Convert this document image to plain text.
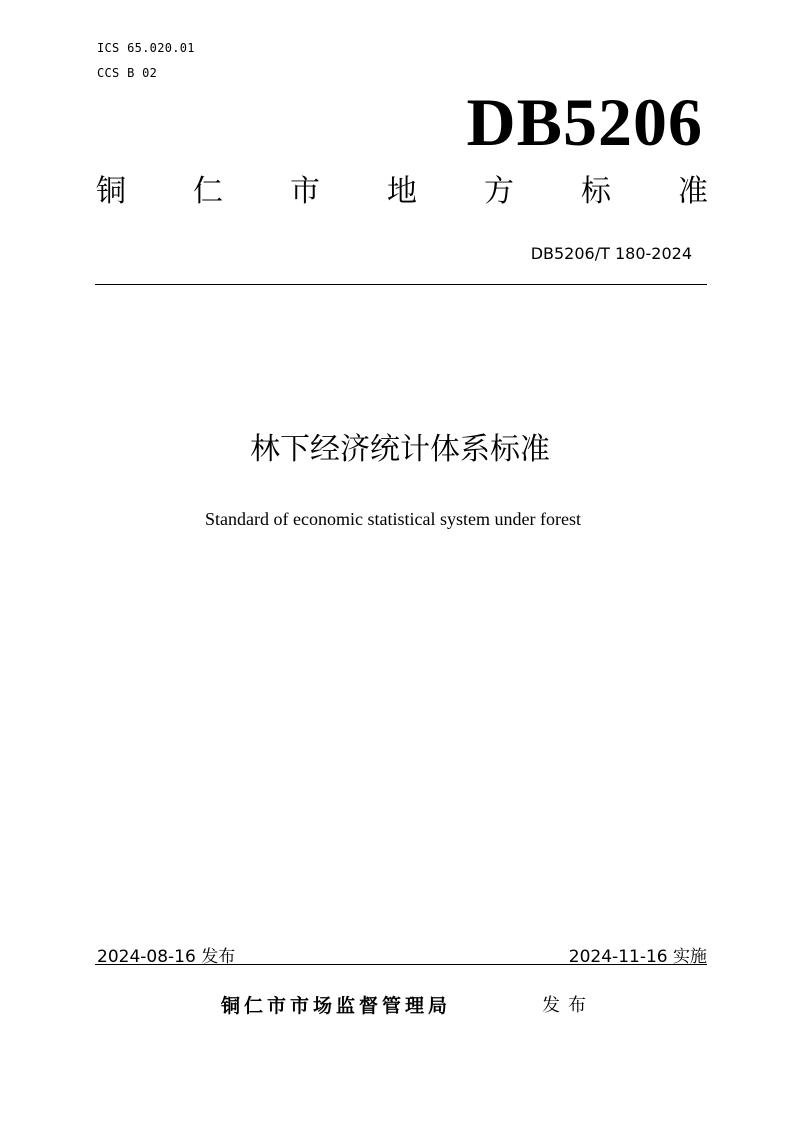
ICS 65.020.01
CCS B 02
DB5206
铜 仁 市 地 方 标 准
DB5206/T 180-2024
林下经济统计体系标准
Standard of economic statistical system under forest
2024-08-16 发布	2024-11-16 实施
铜仁市市场监督管理局	发布
